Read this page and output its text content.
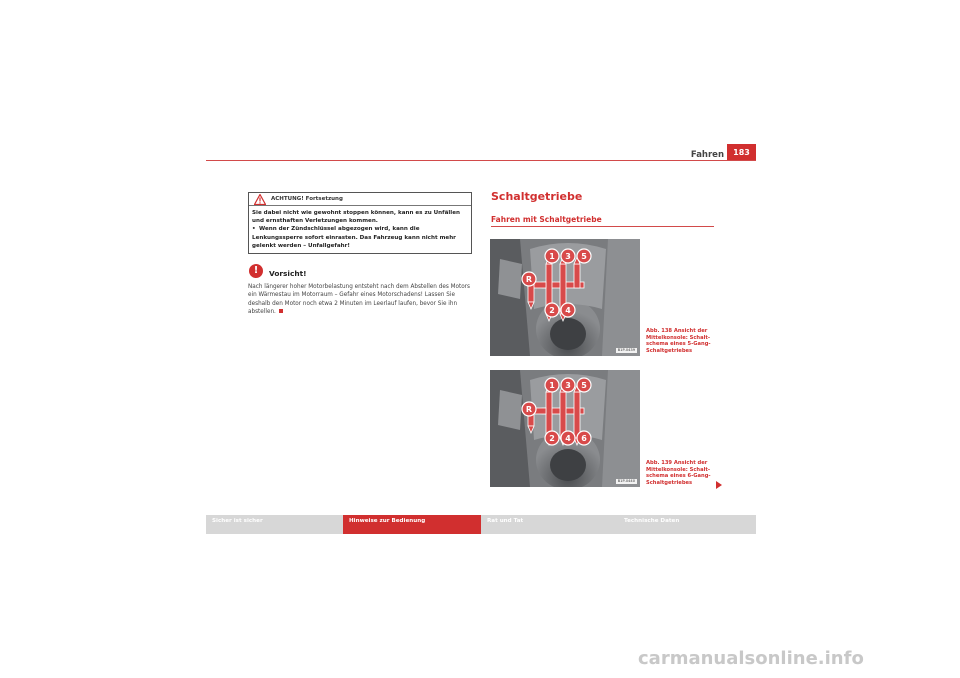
Fahren	183
ACHTUNG! Fortsetzung
Sie dabei nicht wie gewohnt stoppen können, kann es zu Unfällen und ernsthaften Verletzungen kommen.
• Wenn der Zündschlüssel abgezogen wird, kann die Lenkungssperre sofort einrasten. Das Fahrzeug kann nicht mehr gelenkt werden – Unfallgefahr!
!	Vorsicht!
Nach längerer hoher Motorbelastung entsteht nach dem Abstellen des Motors ein Wärmestau im Motorraum – Gefahr eines Motorschadens! Lassen Sie deshalb den Motor noch etwa 2 Minuten im Leerlauf laufen, bevor Sie ihn abstellen.
Schaltgetriebe
Fahren mit Schaltgetriebe
1 3 5
R
2 4
B1P-0439
Abb. 138 Ansicht der Mittelkonsole: Schaltschema eines 5-Gang-Schaltgetriebes
1 3 5
R
2 4 6
B1P-0440
Abb. 139 Ansicht der Mittelkonsole: Schaltschema eines 6-Gang-Schaltgetriebes
Sicher ist sicher	Hinweise zur Bedienung	Rat und Tat	Technische Daten
carmanualsonline.info
